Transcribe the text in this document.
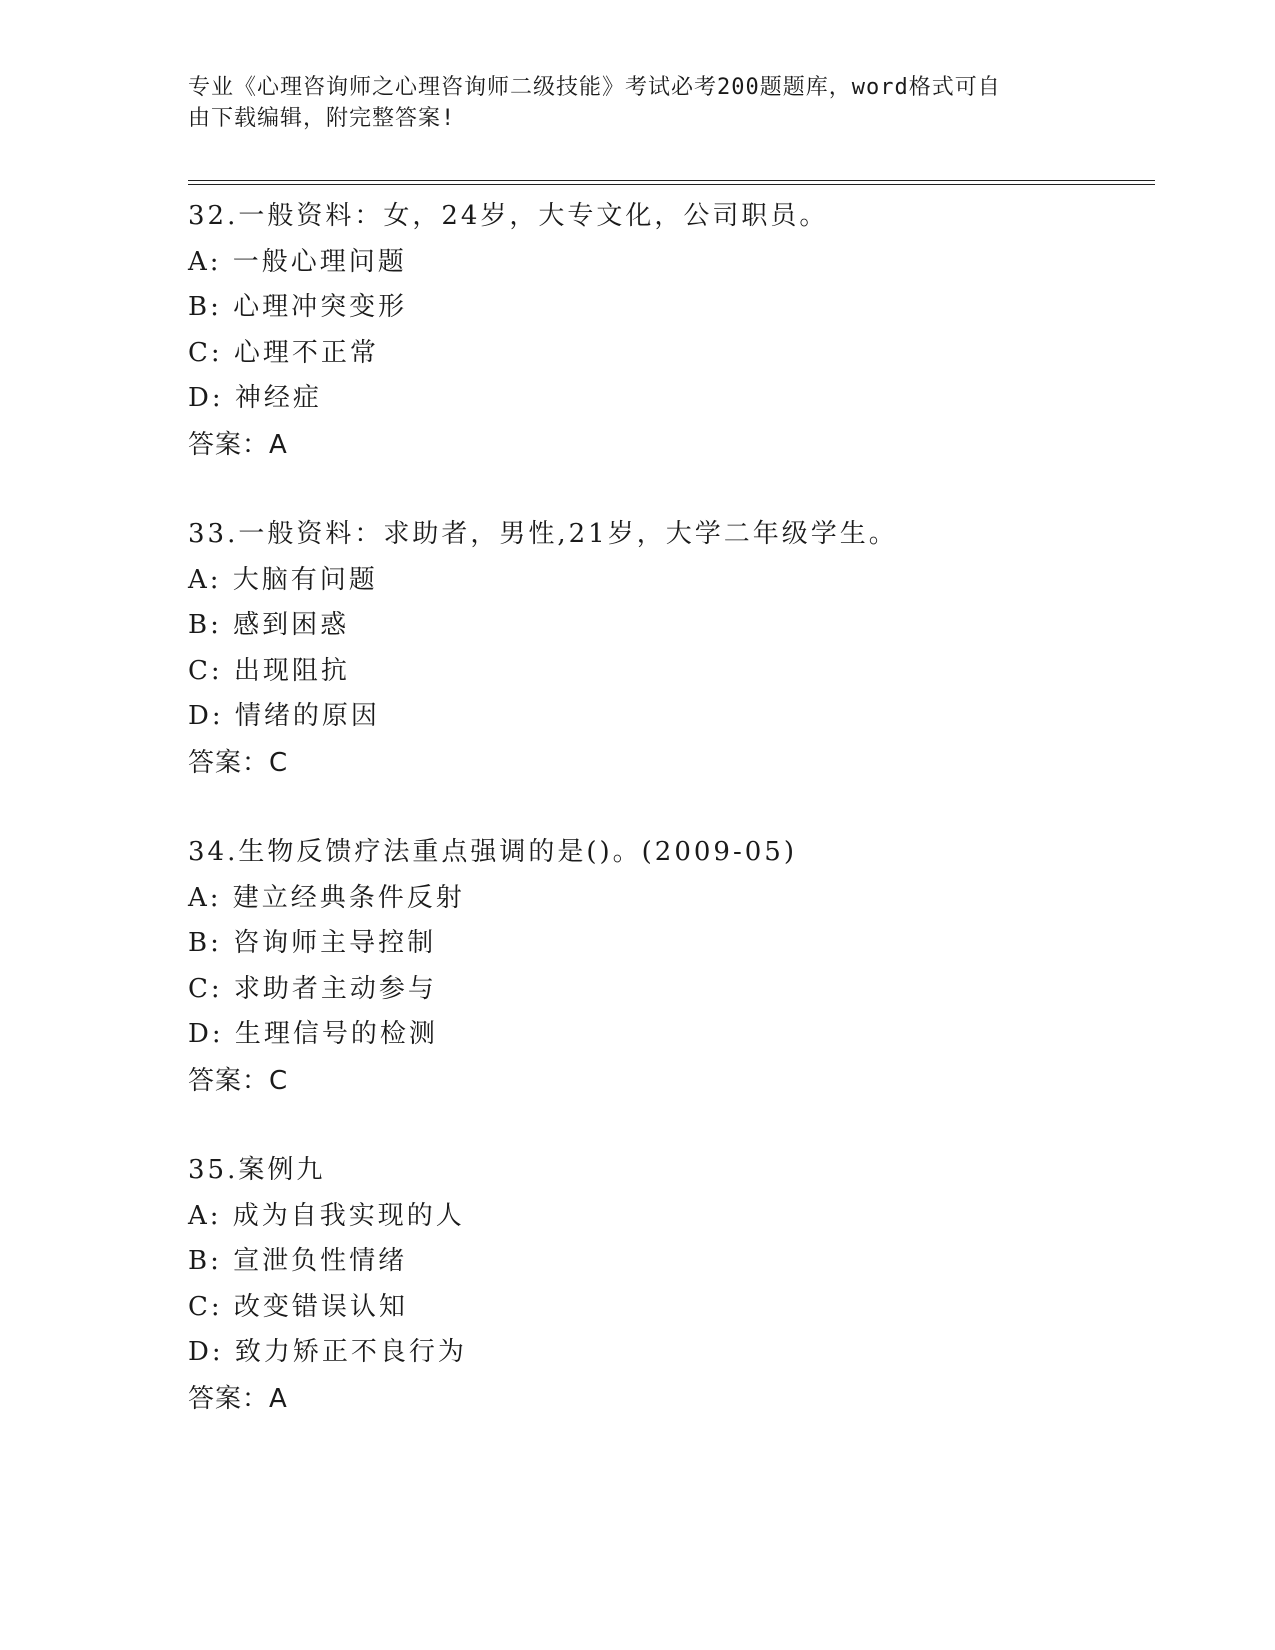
专业《心理咨询师之心理咨询师二级技能》考试必考200题题库，word格式可自
由下载编辑，附完整答案!
32.一般资料：女，24岁，大专文化，公司职员。
A: 一般心理问题
B: 心理冲突变形
C: 心理不正常
D: 神经症
答案：A
33.一般资料：求助者，男性,21岁，大学二年级学生。
A: 大脑有问题
B: 感到困惑
C: 出现阻抗
D: 情绪的原因
答案：C
34.生物反馈疗法重点强调的是()。(2009-05)
A: 建立经典条件反射
B: 咨询师主导控制
C: 求助者主动参与
D: 生理信号的检测
答案：C
35.案例九
A: 成为自我实现的人
B: 宣泄负性情绪
C: 改变错误认知
D: 致力矫正不良行为
答案：A
